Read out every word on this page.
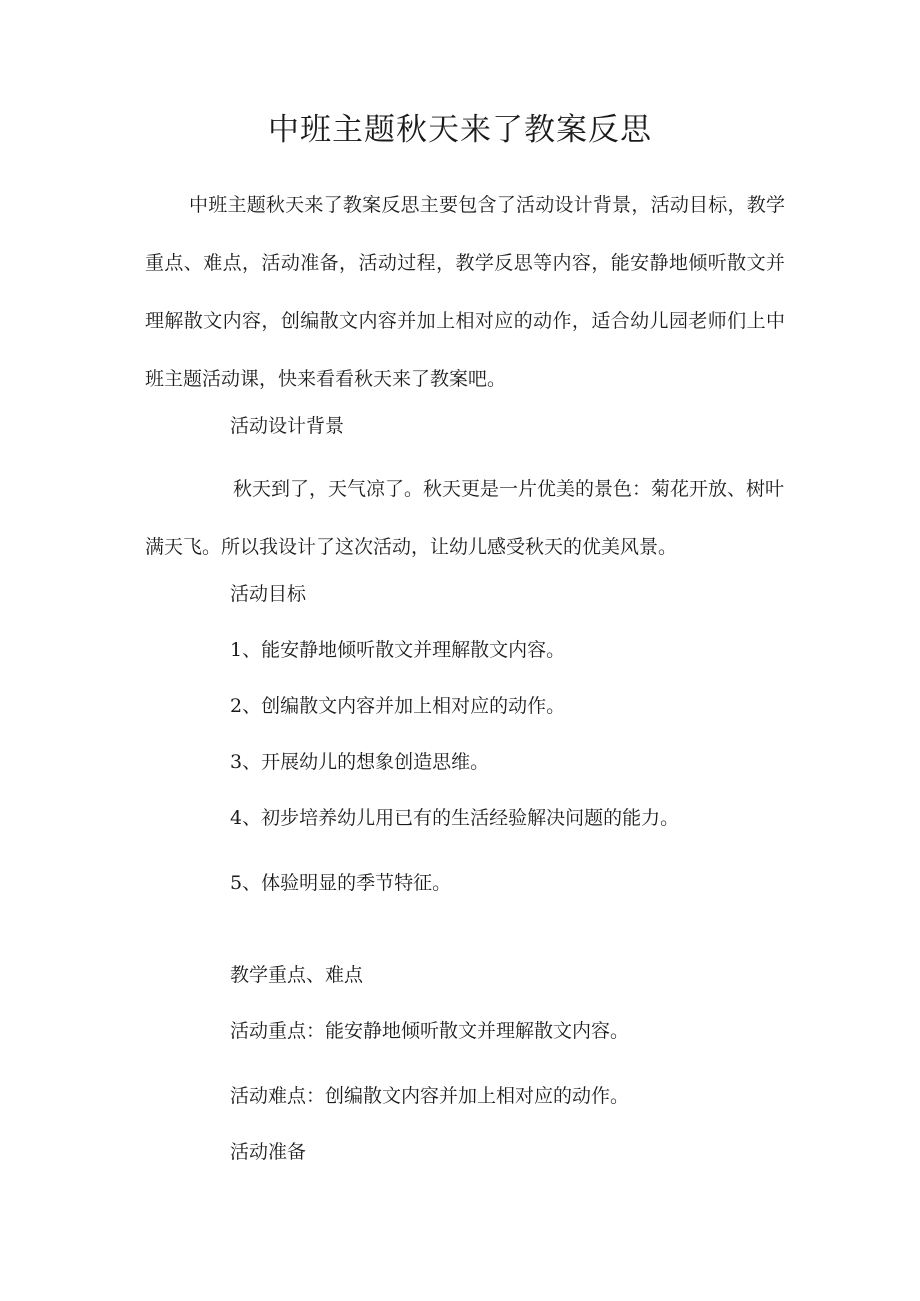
中班主题秋天来了教案反思

中班主题秋天来了教案反思主要包含了活动设计背景，活动目标，教学重点、难点，活动准备，活动过程，教学反思等内容，能安静地倾听散文并理解散文内容，创编散文内容并加上相对应的动作，适合幼儿园老师们上中班主题活动课，快来看看秋天来了教案吧。

活动设计背景

秋天到了，天气凉了。秋天更是一片优美的景色：菊花开放、树叶满天飞。所以我设计了这次活动，让幼儿感受秋天的优美风景。

活动目标

1、能安静地倾听散文并理解散文内容。

2、创编散文内容并加上相对应的动作。

3、开展幼儿的想象创造思维。

4、初步培养幼儿用已有的生活经验解决问题的能力。

5、体验明显的季节特征。

教学重点、难点

活动重点：能安静地倾听散文并理解散文内容。

活动难点：创编散文内容并加上相对应的动作。

活动准备
